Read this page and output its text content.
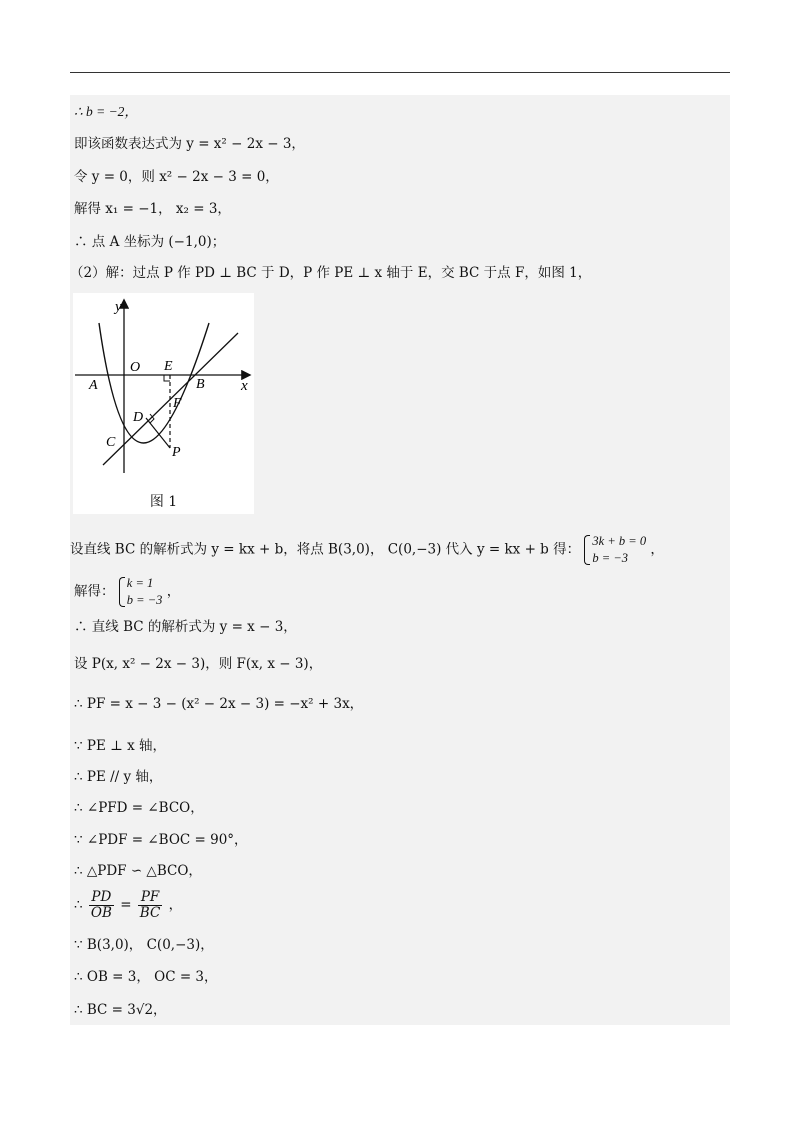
∴ b = −2，
即该函数表达式为 y = x² − 2x − 3，
令 y = 0，则 x² − 2x − 3 = 0，
解得 x₁ = −1， x₂ = 3，
∴ 点 A 坐标为 (−1,0)；
（2）解：过点 P 作 PD ⊥ BC 于 D，P 作 PE ⊥ x 轴于 E，交 BC 于点 F，如图 1，
y
x
O E
A	B
F
D
C
P
图 1
设直线 BC 的解析式为 y = kx + b，将点 B(3,0)， C(0,−3) 代入 y = kx + b 得：
3k + b = 0
b = −3
，
解得：
k = 1
b = −3
，
∴ 直线 BC 的解析式为 y = x − 3，
设 P(x, x² − 2x − 3)，则 F(x, x − 3)，
∴ PF = x − 3 − (x² − 2x − 3) = −x² + 3x，
∵ PE ⊥ x 轴，
∴ PE // y 轴，
∴ ∠PFD = ∠BCO，
∵ ∠PDF = ∠BOC = 90°，
∴ △PDF ∽ △BCO，
∴ $\frac{PD}{OB} = \frac{PF}{BC}$ ，
∵ B(3,0)， C(0,−3)，
∴ OB = 3， OC = 3，
∴ BC = 3√2，
